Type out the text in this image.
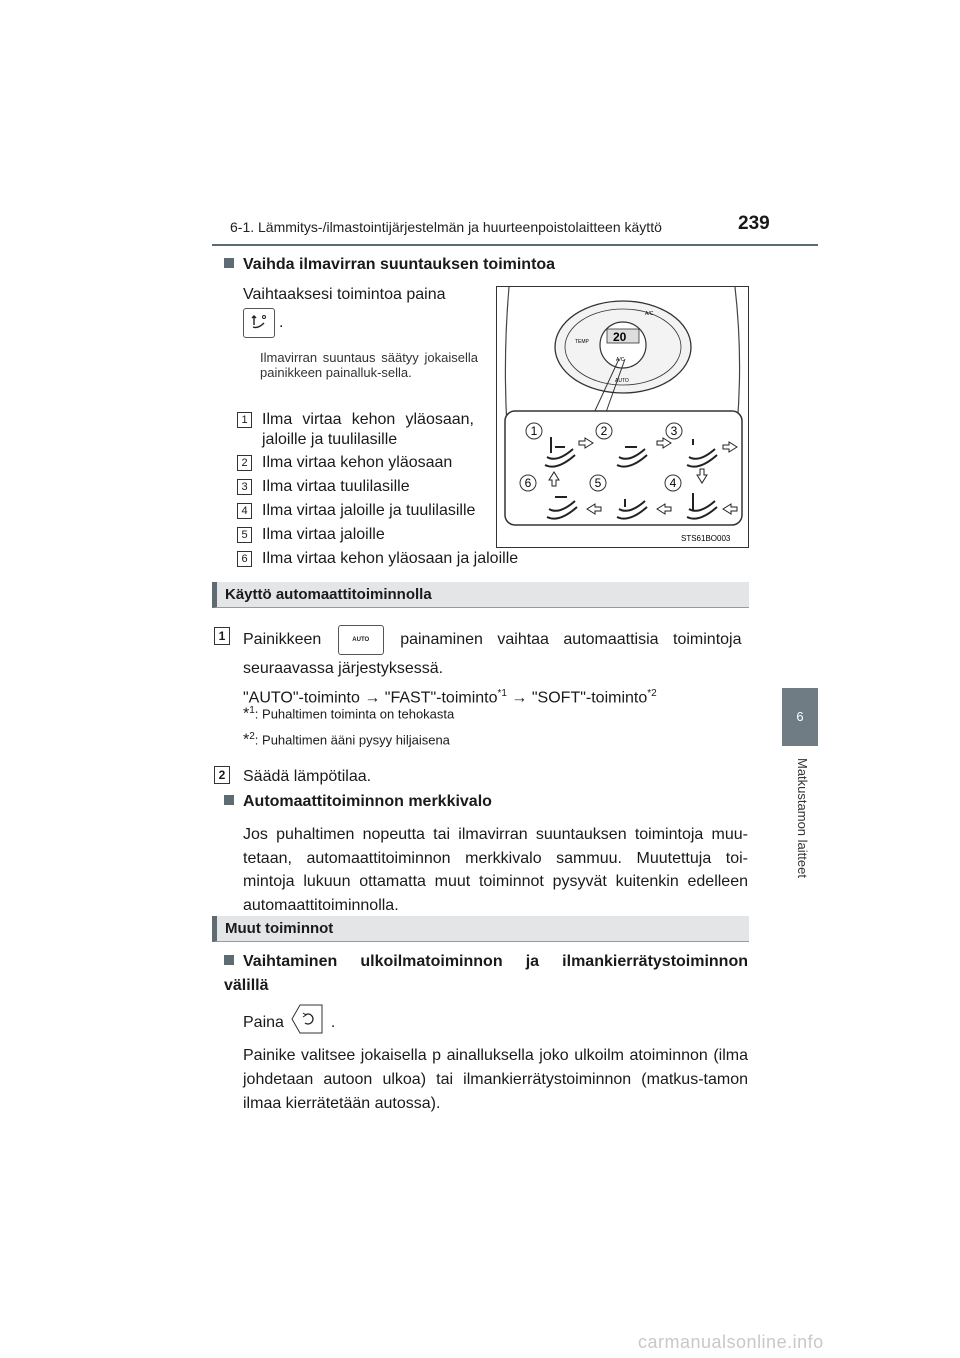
6-1. Lämmitys-/ilmastointijärjestelmän ja huurteenpoistolaitteen käyttö	239
6
Matkustamon laitteet
Vaihda ilmavirran suuntauksen toimintoa
Vaihtaaksesi toimintoa paina
.
Ilmavirran suuntaus säätyy jokaisella painikkeen painalluk-sella.
1 Ilma virtaa kehon yläosaan, jaloille ja tuulilasille
2 Ilma virtaa kehon yläosaan
3 Ilma virtaa tuulilasille
4 Ilma virtaa jaloille ja tuulilasille
5 Ilma virtaa jaloille
6 Ilma virtaa kehon yläosaan ja jaloille
20
A/C
TEMP
A/C
AUTO
1	2	3
6	5	4
STS61BO003
Käyttö automaattitoiminnolla
1 Painikkeen	AUTO painaminen vaihtaa automaattisia toimintoja
seuraavassa järjestyksessä.
"AUTO"-toiminto → "FAST"-toiminto$^{*1}$ → "SOFT"-toiminto$^{*2}$
*$^1$: Puhaltimen toiminta on tehokasta
*$^2$: Puhaltimen ääni pysyy hiljaisena
2 Säädä lämpötilaa.
Automaattitoiminnon merkkivalo
Jos puhaltimen nopeutta tai ilmavirran suuntauksen toimintoja muu-tetaan, automaattitoiminnon merkkivalo sammuu. Muutettuja toi-mintoja lukuun ottamatta muut toiminnot pysyvät kuitenkin edelleen automaattitoiminnolla.
Muut toiminnot
Vaihtaminen ulkoilmatoiminnon ja ilmankierrätystoiminnon välillä
Paina	.
Painike valitsee jokaisella p ainalluksella joko ulkoilm atoiminnon (ilma johdetaan autoon ulkoa) tai ilmankierrätystoiminnon (matkus-tamon ilmaa kierrätetään autossa).
carmanualsonline.info
